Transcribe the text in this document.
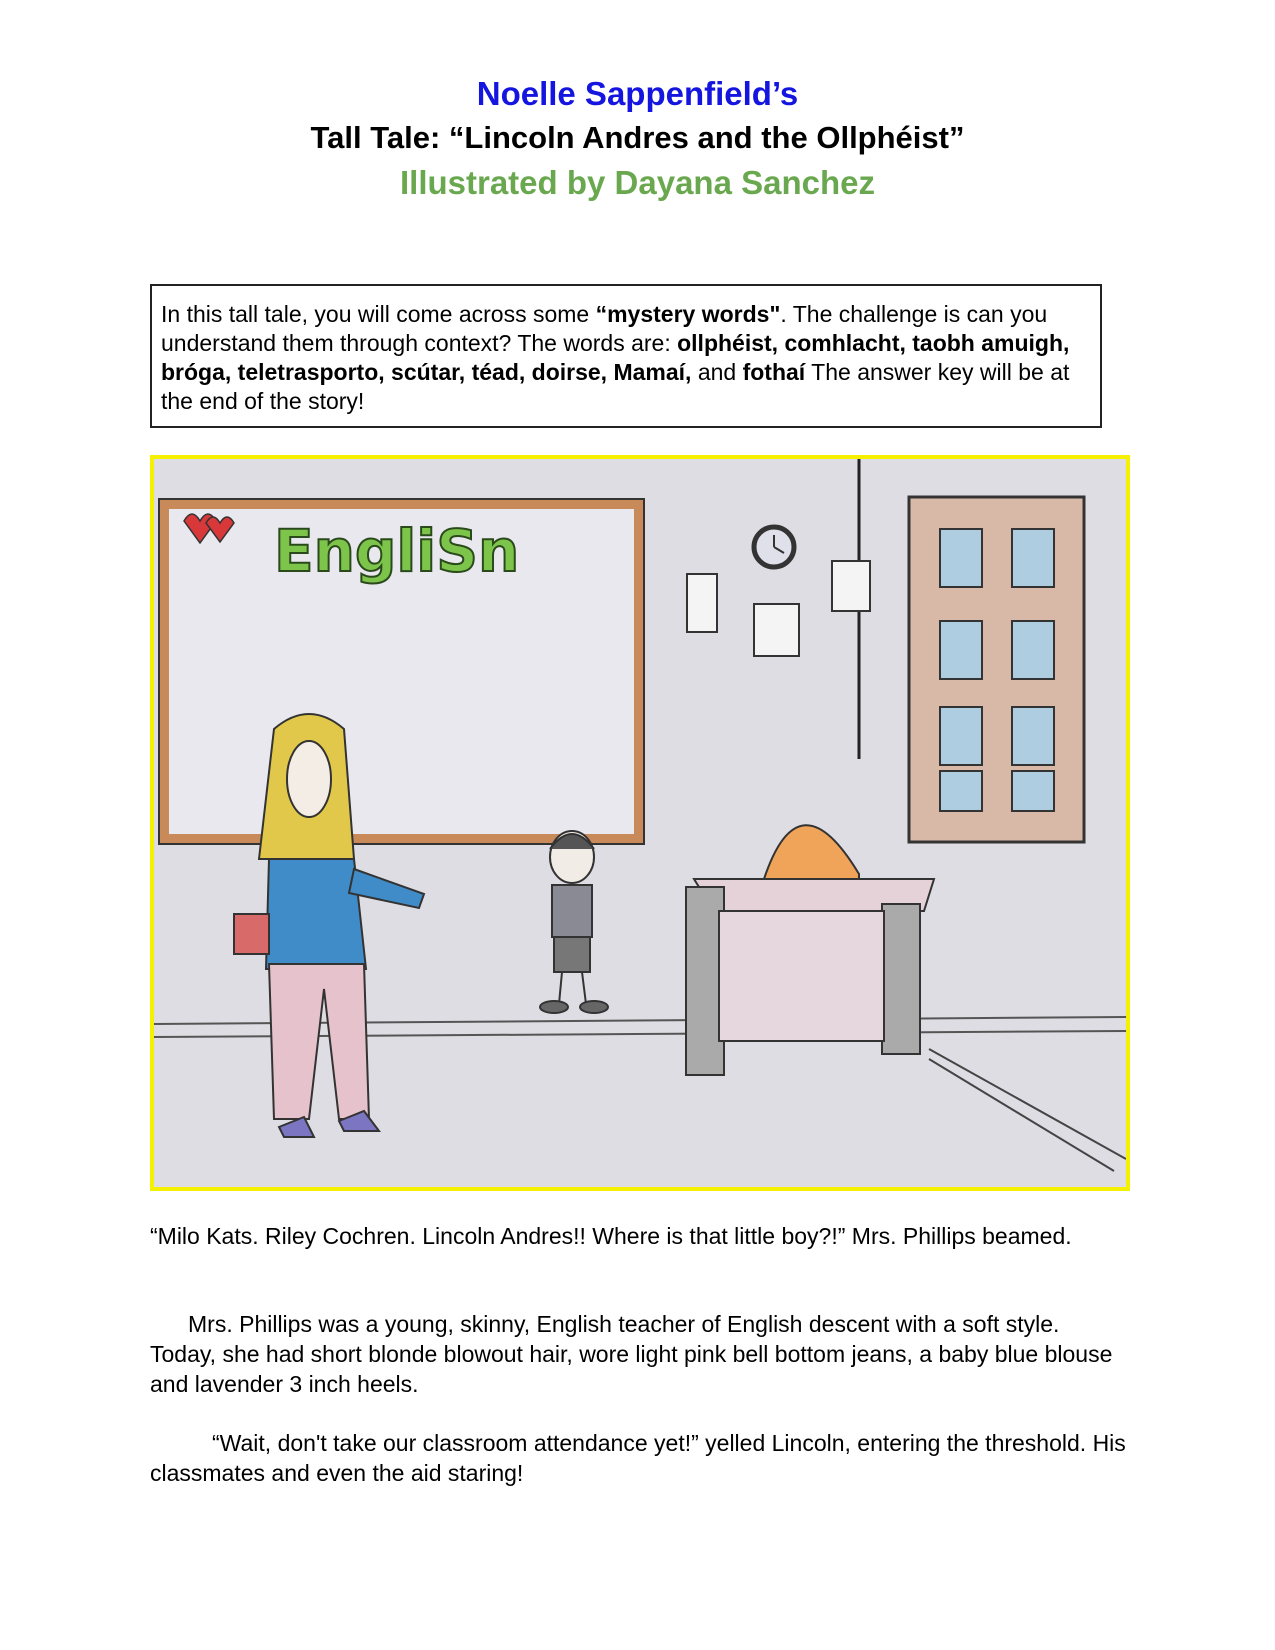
Noelle Sappenfield’s
Tall Tale: “Lincoln Andres and the Ollphéist”
Illustrated by Dayana Sanchez
In this tall tale, you will come across some “mystery words". The challenge is can you understand them through context? The words are: ollphéist, comhlacht, taobh amuigh, bróga, teletrasporto, scútar, téad, doirse, Mamaí, and fothaí The answer key will be at the end of the story!
EngliSn
“Milo Kats. Riley Cochren. Lincoln Andres!! Where is that little boy?!” Mrs. Phillips beamed.
Mrs. Phillips was a young, skinny, English teacher of English descent with a soft style. Today, she had short blonde blowout hair, wore light pink bell bottom jeans, a baby blue blouse and lavender 3 inch heels.
“Wait, don't take our classroom attendance yet!” yelled Lincoln, entering the threshold. His classmates and even the aid staring!
